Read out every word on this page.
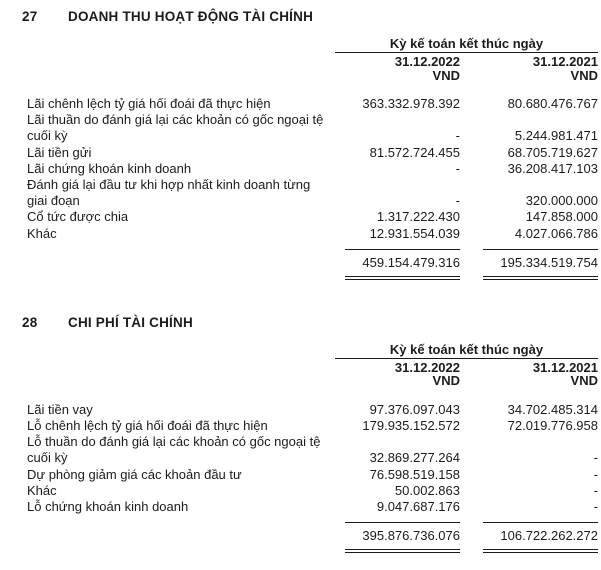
27	DOANH THU HOẠT ĐỘNG TÀI CHÍNH
Kỳ kế toán kết thúc ngày
31.12.2022
VND
31.12.2021
VND
Lãi chênh lệch tỷ giá hối đoái đã thực hiện	363.332.978.392	80.680.476.767
Lãi thuần do đánh giá lại các khoản có gốc ngoại tệ cuối kỳ	-	5.244.981.471
Lãi tiền gửi	81.572.724.455	68.705.719.627
Lãi chứng khoán kinh doanh	-	36.208.417.103
Đánh giá lại đầu tư khi hợp nhất kinh doanh từng giai đoạn	-	320.000.000
Cổ tức được chia	1.317.222.430	147.858.000
Khác	12.931.554.039	4.027.066.786
459.154.479.316	195.334.519.754
28	CHI PHÍ TÀI CHÍNH
Kỳ kế toán kết thúc ngày
31.12.2022
VND
31.12.2021
VND
Lãi tiền vay	97.376.097.043	34.702.485.314
Lỗ chênh lệch tỷ giá hối đoái đã thực hiện	179.935.152.572	72.019.776.958
Lỗ thuần do đánh giá lại các khoản có gốc ngoại tệ cuối kỳ	32.869.277.264	-
Dự phòng giảm giá các khoản đầu tư	76.598.519.158	-
Khác	50.002.863	-
Lỗ chứng khoán kinh doanh	9.047.687.176	-
395.876.736.076	106.722.262.272
